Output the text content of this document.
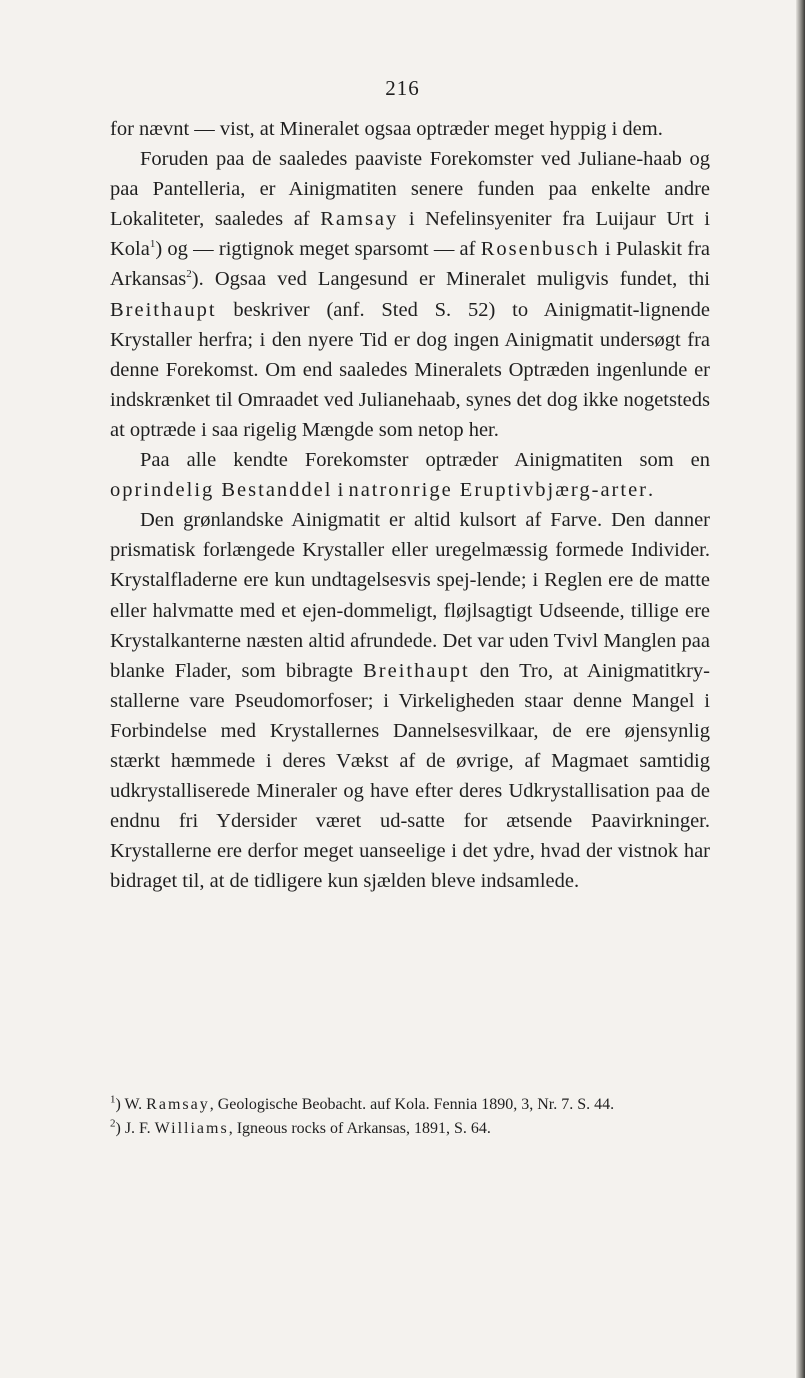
216

for nævnt — vist, at Mineralet ogsaa optræder meget hyppig i dem.

Foruden paa de saaledes paaviste Forekomster ved Juliane-haab og paa Pantelleria, er Ainigmatiten senere funden paa enkelte andre Lokaliteter, saaledes af Ramsay i Nefelinsyeniter fra Luijaur Urt i Kola$^1$) og — rigtignok meget sparsomt — af Rosenbusch i Pulaskit fra Arkansas$^2$). Ogsaa ved Langesund er Mineralet muligvis fundet, thi Breithaupt beskriver (anf. Sted S. 52) to Ainigmatit-lignende Krystaller herfra; i den nyere Tid er dog ingen Ainigmatit undersøgt fra denne Forekomst. Om end saaledes Mineralets Optræden ingenlunde er indskrænket til Omraadet ved Julianehaab, synes det dog ikke nogetsteds at optræde i saa rigelig Mængde som netop her.

Paa alle kendte Forekomster optræder Ainigmatiten som en oprindelig Bestanddel i natronrige Eruptivbjærg-arter.

Den grønlandske Ainigmatit er altid kulsort af Farve. Den danner prismatisk forlængede Krystaller eller uregelmæssig formede Individer. Krystalfladerne ere kun undtagelsesvis spej-lende; i Reglen ere de matte eller halvmatte med et ejen-dommeligt, fløjlsagtigt Udseende, tillige ere Krystalkanterne næsten altid afrundede. Det var uden Tvivl Manglen paa blanke Flader, som bibragte Breithaupt den Tro, at Ainigmatitkry-stallerne vare Pseudomorfoser; i Virkeligheden staar denne Mangel i Forbindelse med Krystallernes Dannelsesvilkaar, de ere øjensynlig stærkt hæmmede i deres Vækst af de øvrige, af Magmaet samtidig udkrystalliserede Mineraler og have efter deres Udkrystallisation paa de endnu fri Ydersider været ud-satte for ætsende Paavirkninger. Krystallerne ere derfor meget uanseelige i det ydre, hvad der vistnok har bidraget til, at de tidligere kun sjælden bleve indsamlede.

$^1$) W. Ramsay, Geologische Beobacht. auf Kola. Fennia 1890, 3, Nr. 7. S. 44.

$^2$) J. F. Williams, Igneous rocks of Arkansas, 1891, S. 64.
